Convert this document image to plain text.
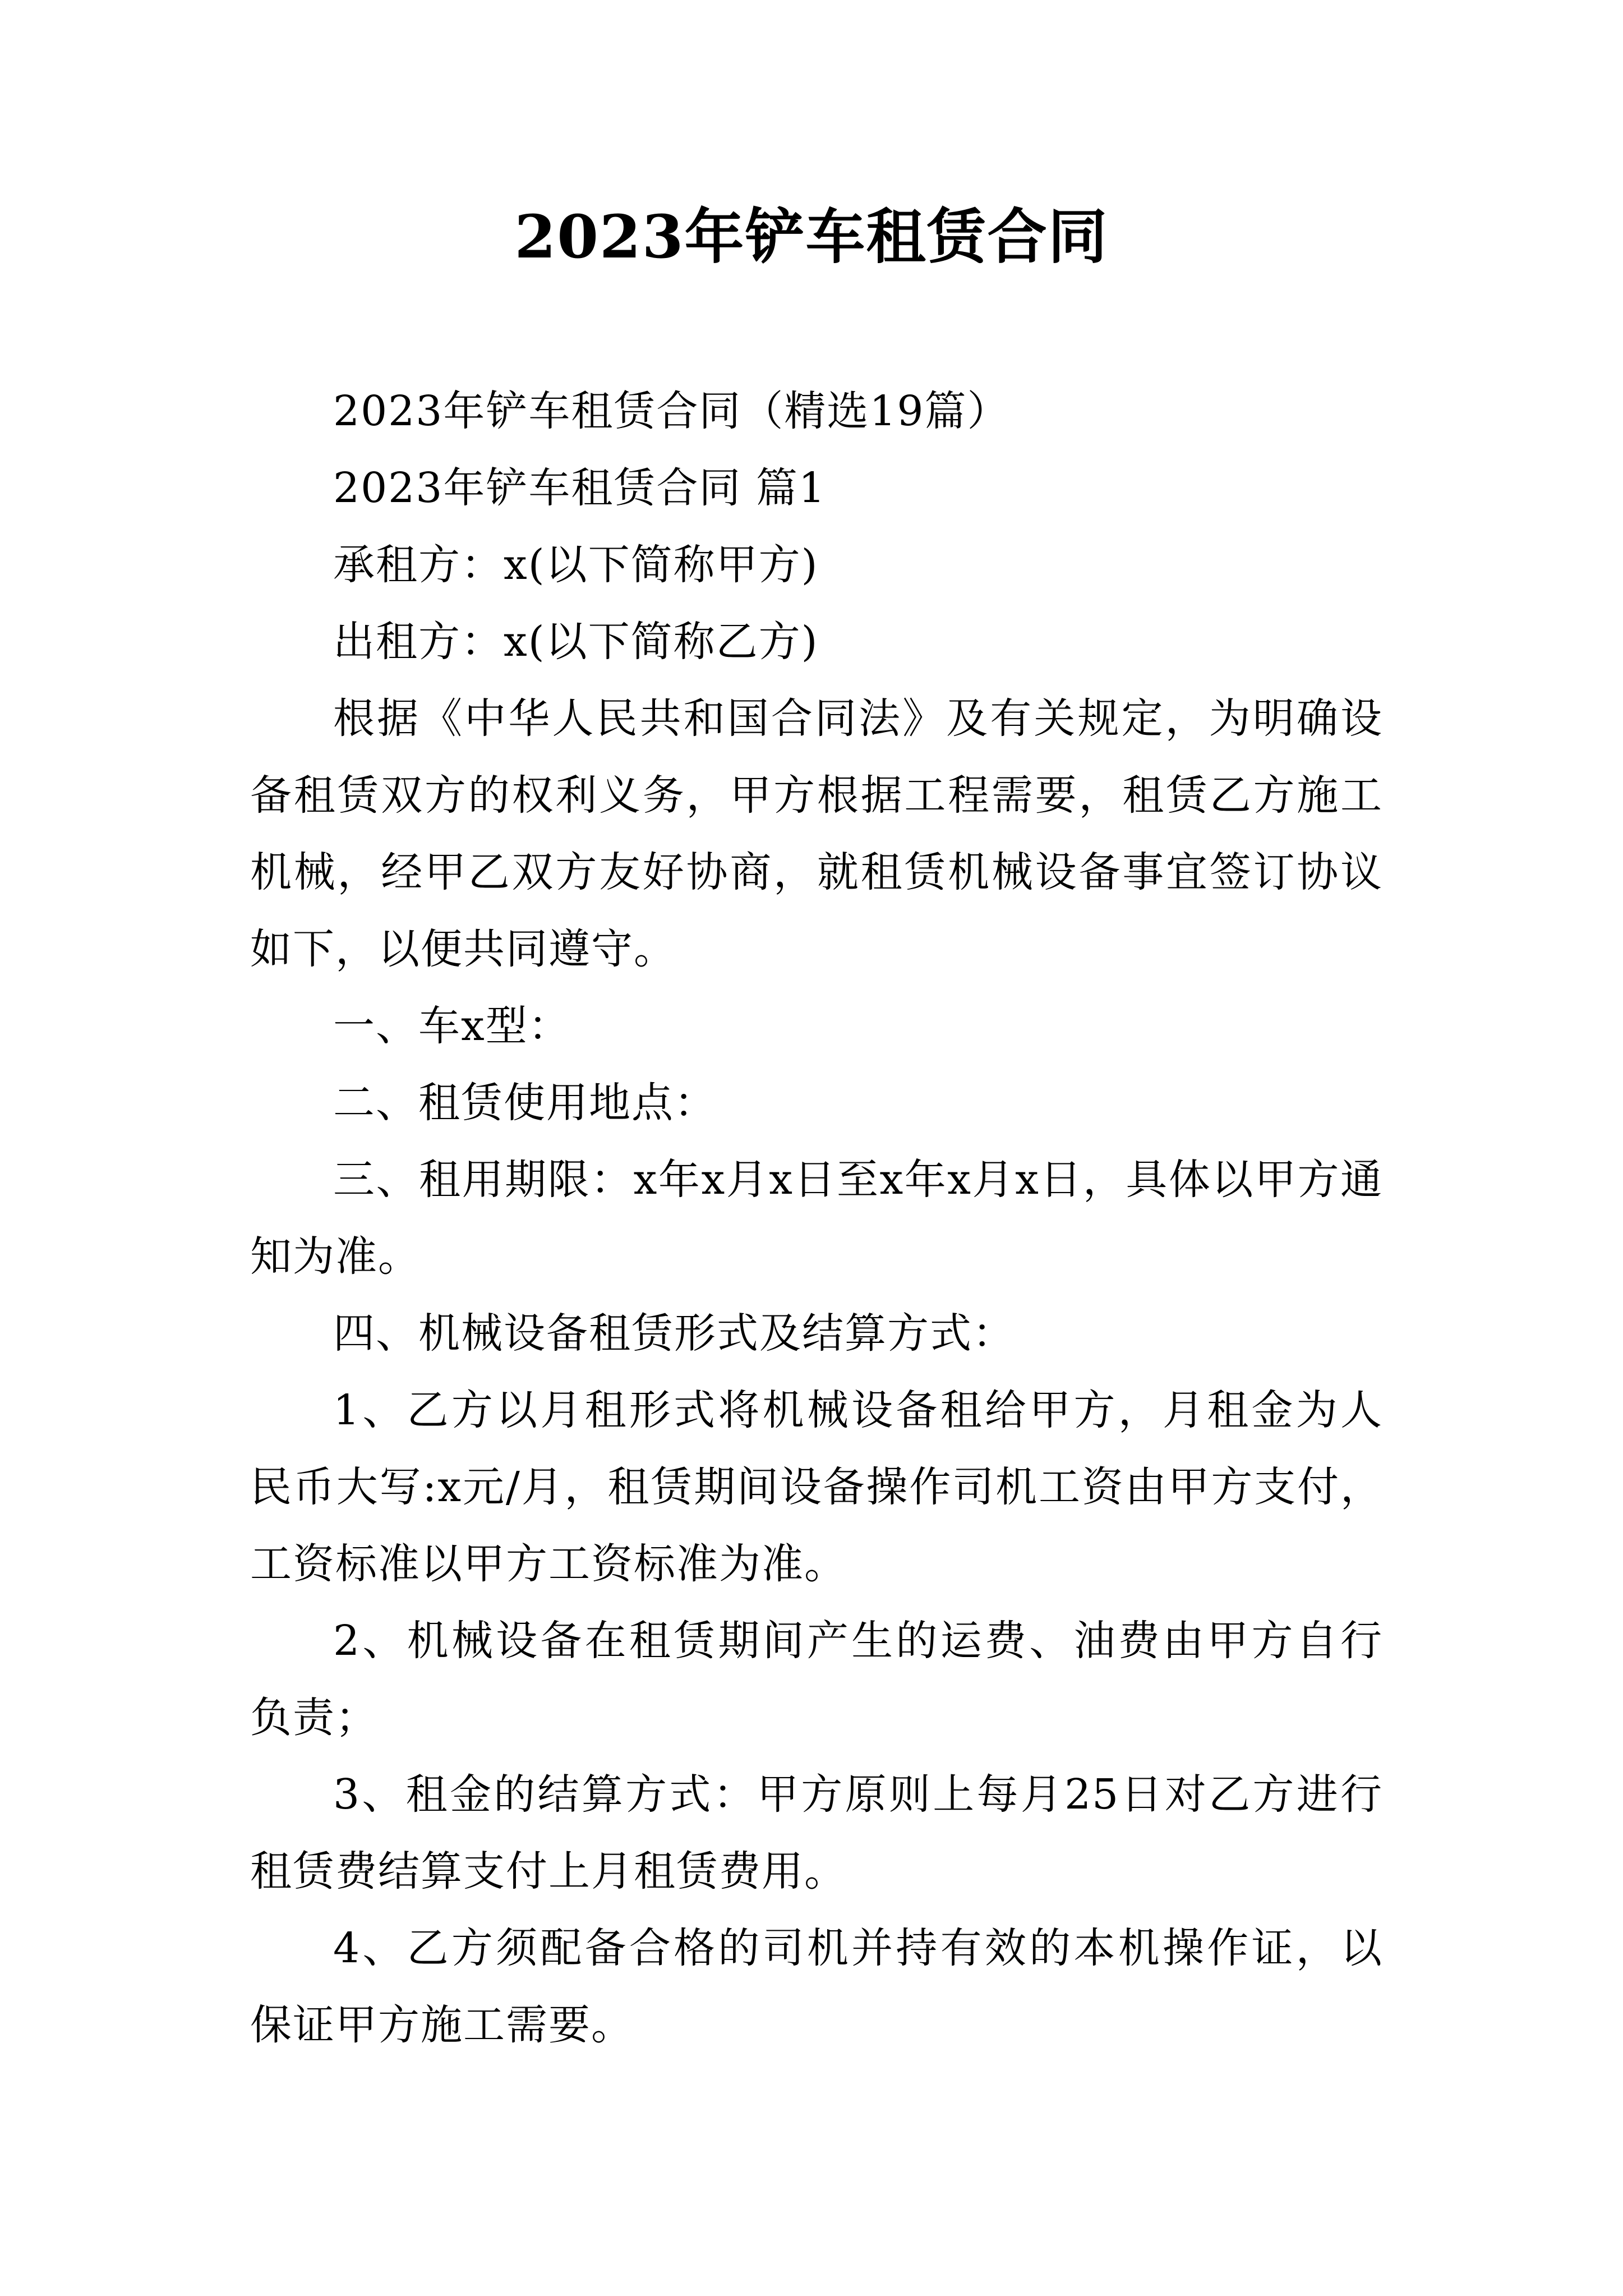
2023年铲车租赁合同

2023年铲车租赁合同（精选19篇）

2023年铲车租赁合同 篇1

承租方：x(以下简称甲方)

出租方：x(以下简称乙方)

根据《中华人民共和国合同法》及有关规定，为明确设备租赁双方的权利义务，甲方根据工程需要，租赁乙方施工机械，经甲乙双方友好协商，就租赁机械设备事宜签订协议如下，以便共同遵守。

一、车x型：

二、租赁使用地点：

三、租用期限：x年x月x日至x年x月x日，具体以甲方通知为准。

四、机械设备租赁形式及结算方式：

1、乙方以月租形式将机械设备租给甲方，月租金为人民币大写:x元/月，租赁期间设备操作司机工资由甲方支付，工资标准以甲方工资标准为准。

2、机械设备在租赁期间产生的运费、油费由甲方自行负责；

3、租金的结算方式：甲方原则上每月25日对乙方进行租赁费结算支付上月租赁费用。

4、乙方须配备合格的司机并持有效的本机操作证，以保证甲方施工需要。
